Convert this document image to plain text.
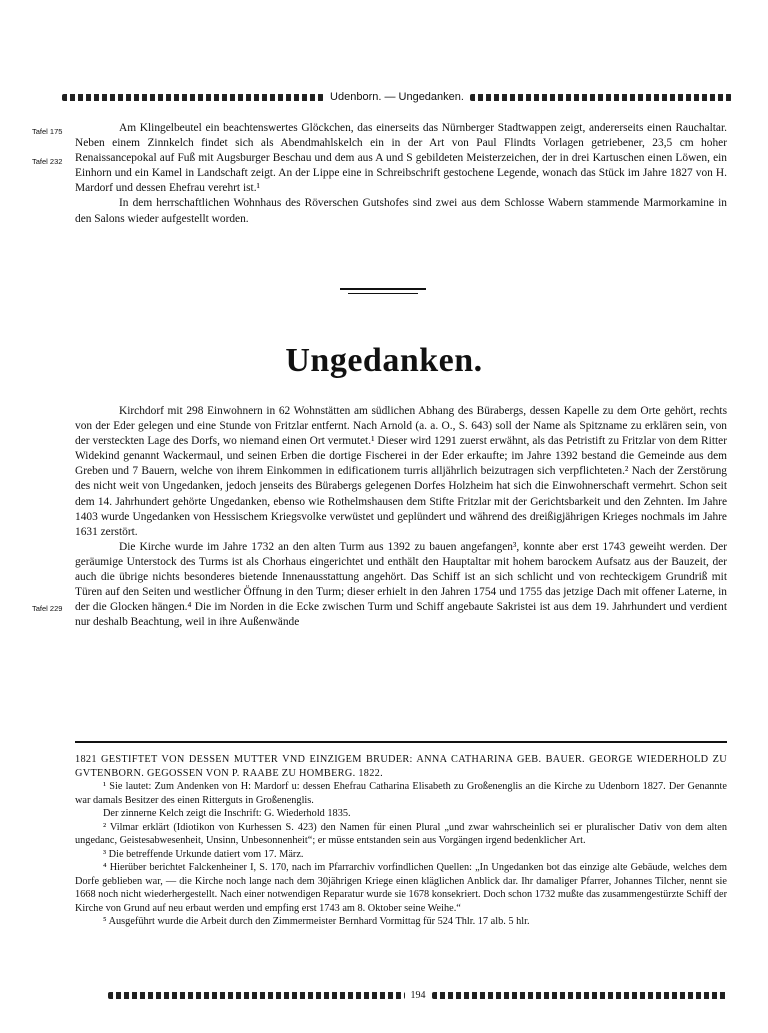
Udenborn. — Ungedanken.
Tafel 175
Tafel 232
Tafel 229

Am Klingelbeutel ein beachtenswertes Glöckchen, das einerseits das Nürnberger Stadtwappen zeigt, andererseits einen Rauchaltar. Neben einem Zinnkelch findet sich als Abendmahlskelch ein in der Art von Paul Flindts Vorlagen getriebener, 23,5 cm hoher Renaissancepokal auf Fuß mit Augsburger Beschau und dem aus A und S gebildeten Meisterzeichen, der in drei Kartuschen einen Löwen, ein Einhorn und ein Kamel in Landschaft zeigt. An der Lippe eine in Schreibschrift gestochene Legende, wonach das Stück im Jahre 1827 von H. Mardorf und dessen Ehefrau verehrt ist.¹

In dem herrschaftlichen Wohnhaus des Röverschen Gutshofes sind zwei aus dem Schlosse Wabern stammende Marmorkamine in den Salons wieder aufgestellt worden.

Ungedanken.

Kirchdorf mit 298 Einwohnern in 62 Wohnstätten am südlichen Abhang des Bürabergs, dessen Kapelle zu dem Orte gehört, rechts von der Eder gelegen und eine Stunde von Fritzlar entfernt. Nach Arnold (a. a. O., S. 643) soll der Name als Spitzname zu erklären sein, von der versteckten Lage des Dorfs, wo niemand einen Ort vermutet.¹ Dieser wird 1291 zuerst erwähnt, als das Petristift zu Fritzlar von dem Ritter Widekind genannt Wackermaul, und seinen Erben die dortige Fischerei in der Eder erkaufte; im Jahre 1392 bestand die Gemeinde aus dem Greben und 7 Bauern, welche von ihrem Einkommen in edificationem turris alljährlich beizutragen sich verpflichteten.² Nach der Zerstörung des nicht weit von Ungedanken, jedoch jenseits des Bürabergs gelegenen Dorfes Holzheim hat sich die Einwohnerschaft vermehrt. Schon seit dem 14. Jahrhundert gehörte Ungedanken, ebenso wie Rothelmshausen dem Stifte Fritzlar mit der Gerichtsbarkeit und den Zehnten. Im Jahre 1403 wurde Ungedanken von Hessischem Kriegsvolke verwüstet und geplündert und während des dreißigjährigen Krieges nochmals im Jahre 1631 zerstört.

Die Kirche wurde im Jahre 1732 an den alten Turm aus 1392 zu bauen angefangen³, konnte aber erst 1743 geweiht werden. Der geräumige Unterstock des Turms ist als Chorhaus eingerichtet und enthält den Hauptaltar mit hohem barockem Aufsatz aus der Bauzeit, der auch die übrige nichts besonderes bietende Innenausstattung angehört. Das Schiff ist an sich schlicht und von rechteckigem Grundriß mit Türen auf den Seiten und westlicher Öffnung in den Turm; dieser erhielt in den Jahren 1754 und 1755 das jetzige Dach mit offener Laterne, in der die Glocken hängen.⁴ Die im Norden in die Ecke zwischen Turm und Schiff angebaute Sakristei ist aus dem 19. Jahrhundert und verdient nur deshalb Beachtung, weil in ihre Außenwände

1821 GESTIFTET VON DESSEN MUTTER VND EINZIGEM BRUDER: ANNA CATHARINA GEB. BAUER. GEORGE WIEDERHOLD ZU GVTENBORN. GEGOSSEN VON P. RAABE ZU HOMBERG. 1822.

¹ Sie lautet: Zum Andenken von H: Mardorf u: dessen Ehefrau Catharina Elisabeth zu Großenenglis an die Kirche zu Udenborn 1827. Der Genannte war damals Besitzer des einen Ritterguts in Großenenglis.

Der zinnerne Kelch zeigt die Inschrift: G. Wiederhold 1835.

² Vilmar erklärt (Idiotikon von Kurhessen S. 423) den Namen für einen Plural „und zwar wahrscheinlich sei er pluralischer Dativ von dem alten ungedanc, Geistesabwesenheit, Unsinn, Unbesonnenheit“; er müsse entstanden sein aus Vorgängen irgend bedenklicher Art.

³ Die betreffende Urkunde datiert vom 17. März.

⁴ Hierüber berichtet Falckenheiner I, S. 170, nach im Pfarrarchiv vorfindlichen Quellen: „In Ungedanken bot das einzige alte Gebäude, welches dem Dorfe geblieben war, — die Kirche noch lange nach dem 30jährigen Kriege einen kläglichen Anblick dar. Ihr damaliger Pfarrer, Johannes Tilcher, nennt sie 1668 noch nicht wiederhergestellt. Nach einer notwendigen Reparatur wurde sie 1678 konsekriert. Doch schon 1732 mußte das zusammengestürzte Schiff der Kirche von Grund auf neu erbaut werden und empfing erst 1743 am 8. Oktober seine Weihe.“

⁵ Ausgeführt wurde die Arbeit durch den Zimmermeister Bernhard Vormittag für 524 Thlr. 17 alb. 5 hlr.

194
